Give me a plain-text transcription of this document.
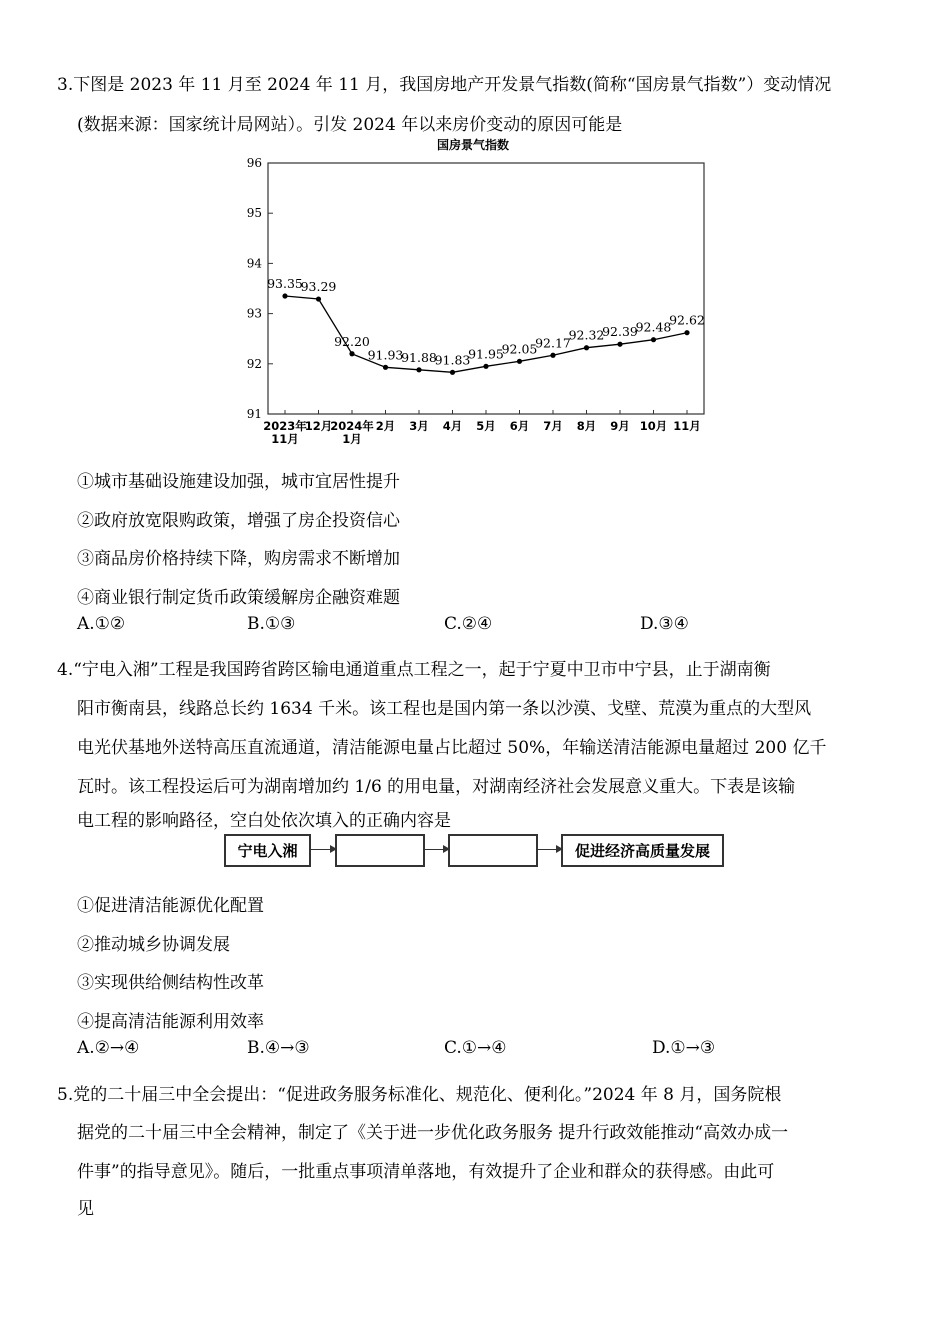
3.下图是 2023 年 11 月至 2024 年 11 月，我国房地产开发景气指数(简称“国房景气指数”）变动情况
(数据来源：国家统计局网站）。引发 2024 年以来房价变动的原因可能是
国房景气指数
91
92
93
94
95
96
2023年
11月
12月
2024年
1月
2月 3月 4月 5月 6月 7月 8月 9月 10月 11月
93.35
93.29
92.20
91.93
91.88
91.83
91.95
92.05
92.17
92.32
92.39
92.48
92.62
①城市基础设施建设加强，城市宜居性提升
②政府放宽限购政策，增强了房企投资信心
③商品房价格持续下降，购房需求不断增加
④商业银行制定货币政策缓解房企融资难题
A.①②	B.①③	C.②④	D.③④
4.“宁电入湘”工程是我国跨省跨区输电通道重点工程之一，起于宁夏中卫市中宁县，止于湖南衡
阳市衡南县，线路总长约 1634 千米。该工程也是国内第一条以沙漠、戈壁、荒漠为重点的大型风
电光伏基地外送特高压直流通道，清洁能源电量占比超过 50%，年输送清洁能源电量超过 200 亿千
瓦时。该工程投运后可为湖南增加约 1/6 的用电量，对湖南经济社会发展意义重大。下表是该输
电工程的影响路径，空白处依次填入的正确内容是
宁电入湘	促进经济高质量发展
①促进清洁能源优化配置
②推动城乡协调发展
③实现供给侧结构性改革
④提高清洁能源利用效率
A.②→④	B.④→③	C.①→④	D.①→③
5.党的二十届三中全会提出：“促进政务服务标准化、规范化、便利化。”2024 年 8 月，国务院根
据党的二十届三中全会精神，制定了《关于进一步优化政务服务 提升行政效能推动“高效办成一
件事”的指导意见》。随后，一批重点事项清单落地，有效提升了企业和群众的获得感。由此可
见
